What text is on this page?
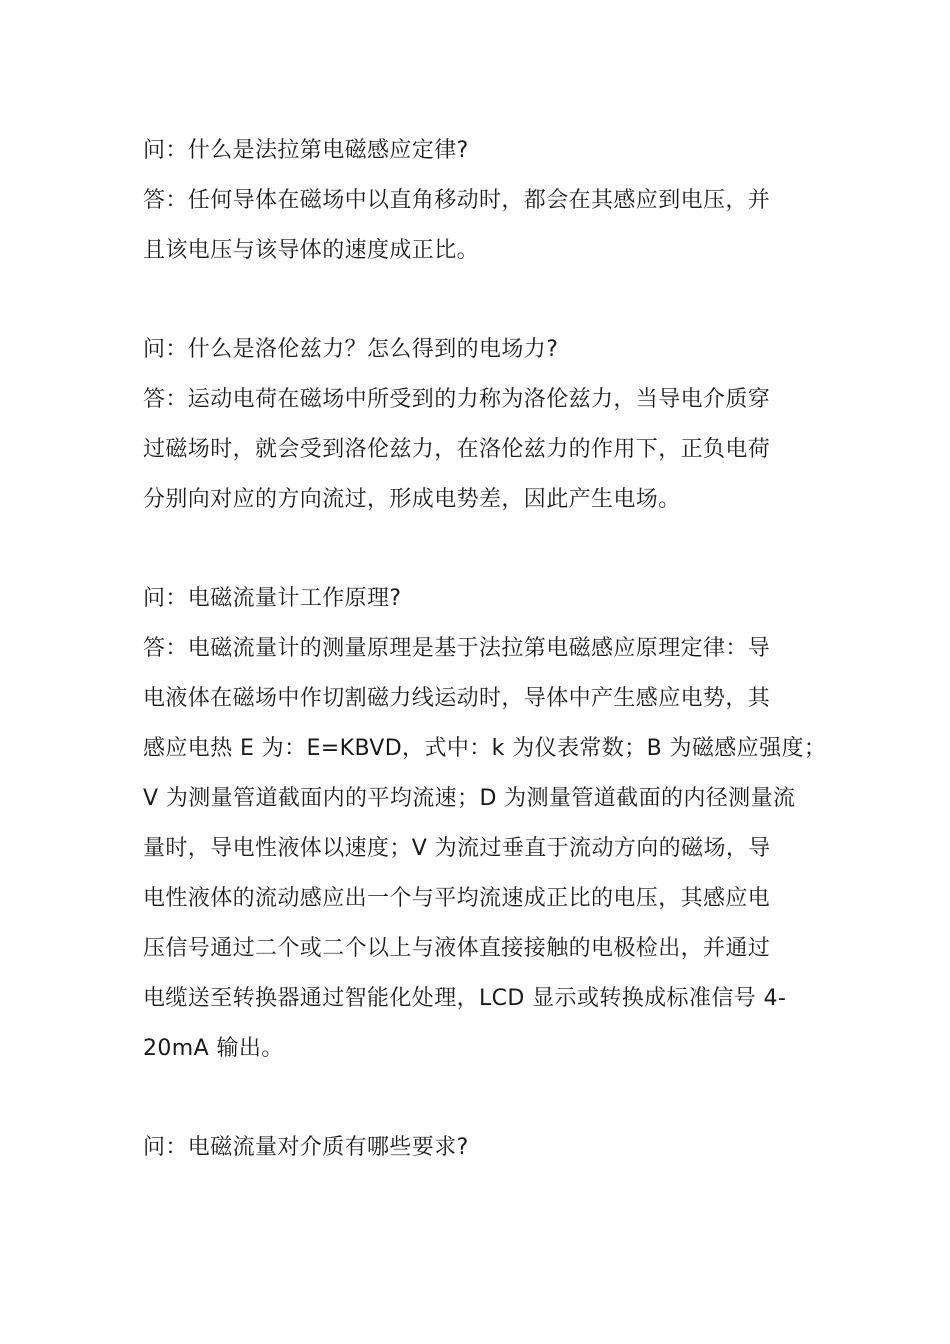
问：什么是法拉第电磁感应定律?
答：任何导体在磁场中以直角移动时，都会在其感应到电压，并
且该电压与该导体的速度成正比。
问：什么是洛伦兹力？怎么得到的电场力?
答：运动电荷在磁场中所受到的力称为洛伦兹力，当导电介质穿
过磁场时，就会受到洛伦兹力，在洛伦兹力的作用下，正负电荷
分别向对应的方向流过，形成电势差，因此产生电场。
问：电磁流量计工作原理?
答：电磁流量计的测量原理是基于法拉第电磁感应原理定律：导
电液体在磁场中作切割磁力线运动时，导体中产生感应电势，其
感应电热 E 为：E=KBVD，式中：k 为仪表常数；B 为磁感应强度；
V 为测量管道截面内的平均流速；D 为测量管道截面的内径测量流
量时，导电性液体以速度；V 为流过垂直于流动方向的磁场，导
电性液体的流动感应出一个与平均流速成正比的电压，其感应电
压信号通过二个或二个以上与液体直接接触的电极检出，并通过
电缆送至转换器通过智能化处理，LCD 显示或转换成标准信号 4-
20mA 输出。
问：电磁流量对介质有哪些要求?
